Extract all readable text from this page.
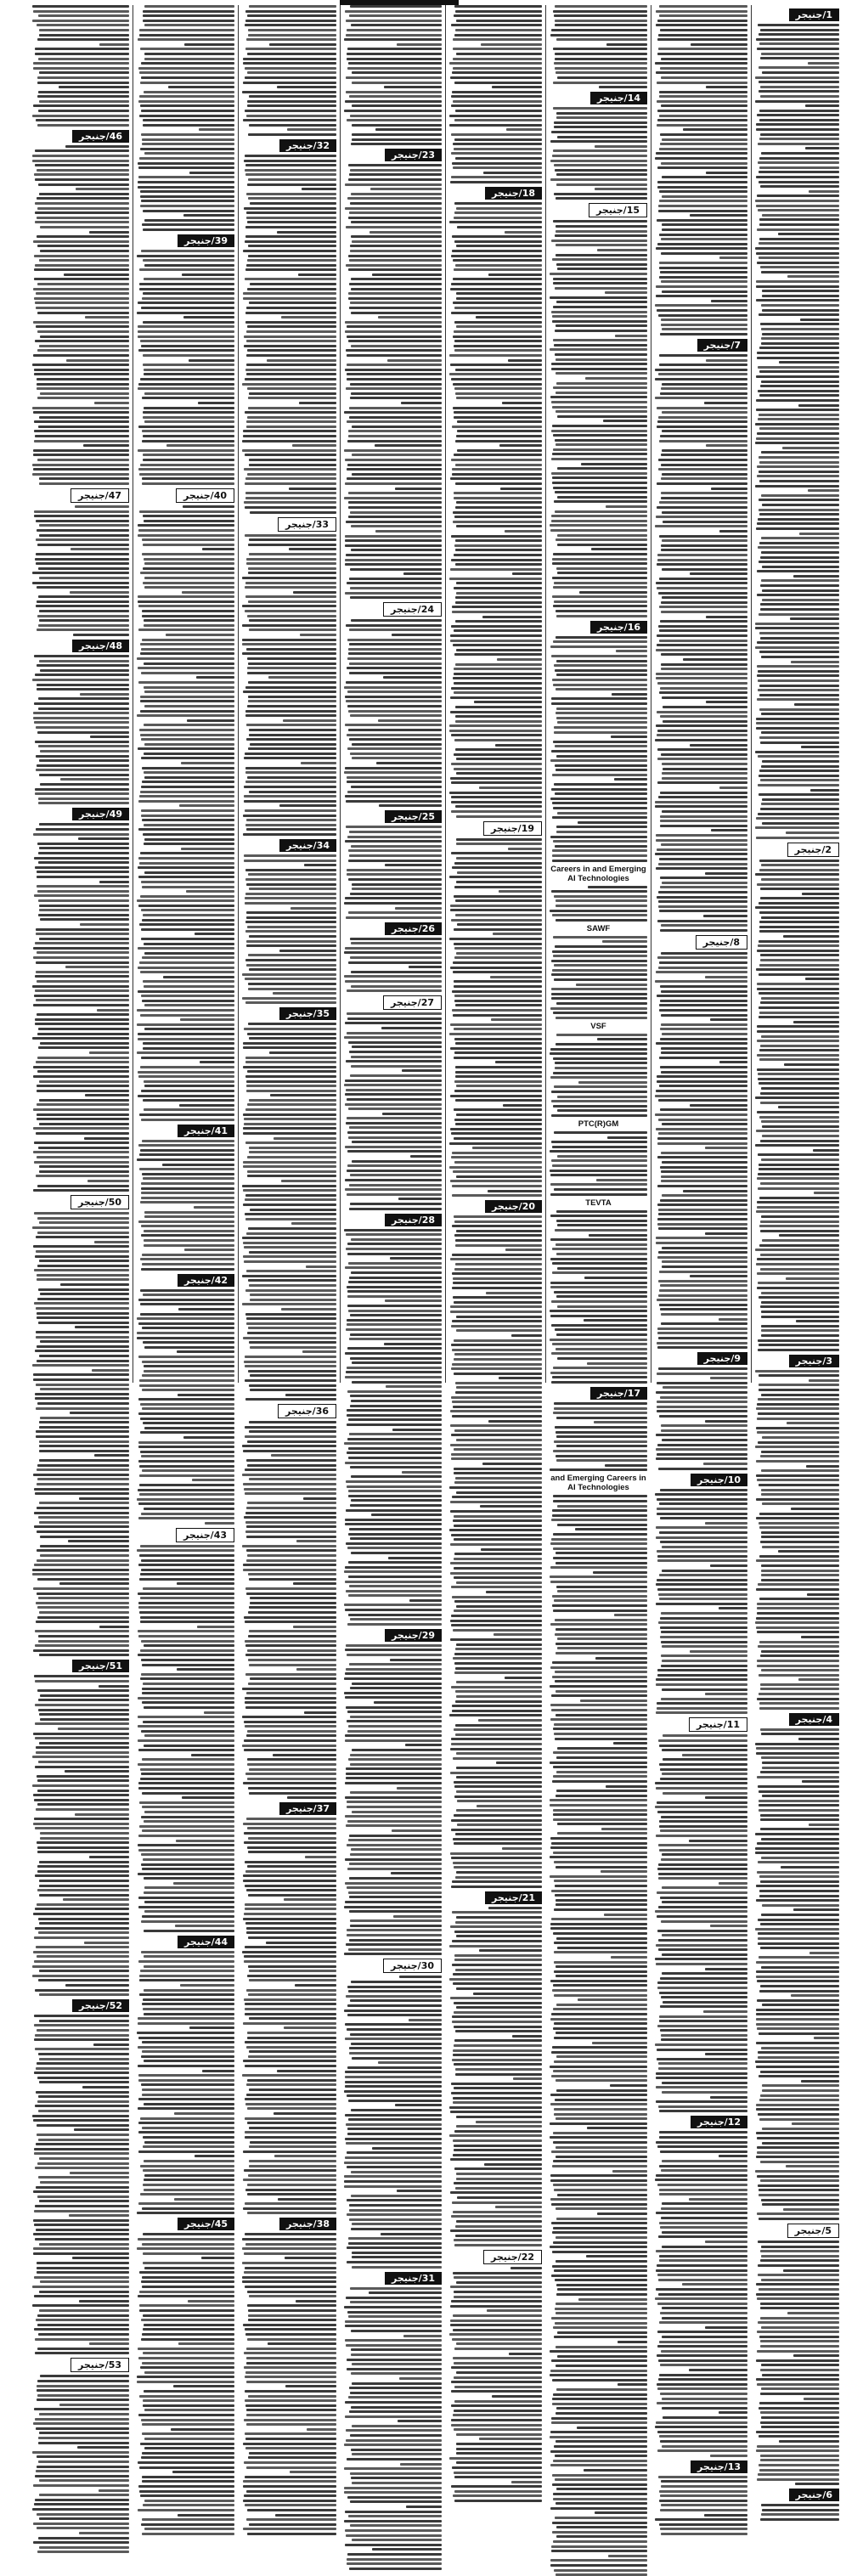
1/جنیجر
2/جنیجر
3/جنیجر
4/جنیجر
5/جنیجر
6/جنیجر
7/جنیجر
8/جنیجر
9/جنیجر
10/جنیجر
11/جنیجر
12/جنیجر
13/جنیجر
14/جنیجر
15/جنیجر
16/جنیجر
Careers in and Emerging AI Technologies
SAWF
VSF
PTC(R)GM
TEVTA
17/جنیجر
and Emerging Careers in AI Technologies
18/جنیجر
19/جنیجر
20/جنیجر
21/جنیجر
22/جنیجر
23/جنیجر
24/جنیجر
25/جنیجر
26/جنیجر
27/جنیجر
28/جنیجر
29/جنیجر
30/جنیجر
31/جنیجر
32/جنیجر
33/جنیجر
34/جنیجر
35/جنیجر
36/جنیجر
37/جنیجر
38/جنیجر
39/جنیجر
40/جنیجر
41/جنیجر
42/جنیجر
43/جنیجر
44/جنیجر
45/جنیجر
46/جنیجر
47/جنیجر
48/جنیجر
49/جنیجر
50/جنیجر
51/جنیجر
52/جنیجر
53/جنیجر
